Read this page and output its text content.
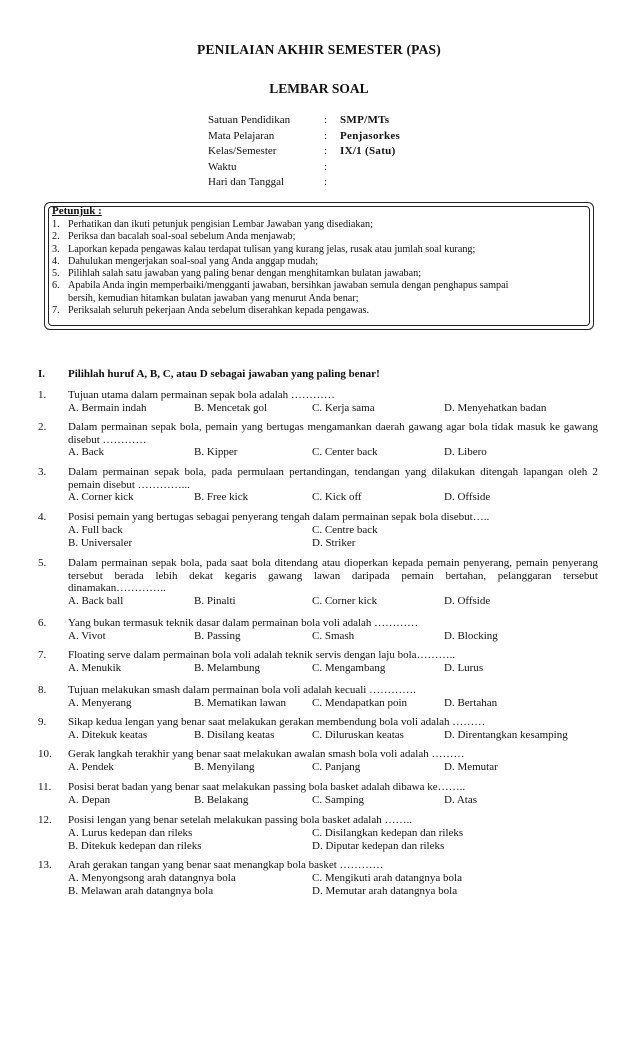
PENILAIAN AKHIR SEMESTER (PAS)
LEMBAR SOAL
Satuan Pendidikan	: SMP/MTs
Mata Pelajaran	: Penjasorkes
Kelas/Semester	: IX/1 (Satu)
Waktu	:
Hari dan Tanggal	:
Petunjuk :
1. Perhatikan dan ikuti petunjuk pengisian Lembar Jawaban yang disediakan;
2. Periksa dan bacalah soal-soal sebelum Anda menjawab;
3. Laporkan kepada pengawas kalau terdapat tulisan yang kurang jelas, rusak atau jumlah soal kurang;
4. Dahulukan mengerjakan soal-soal yang Anda anggap mudah;
5. Pilihlah salah satu jawaban yang paling benar dengan menghitamkan bulatan jawaban;
6. Apabila Anda ingin memperbaiki/mengganti jawaban, bersihkan jawaban semula dengan penghapus sampai
bersih, kemudian hitamkan bulatan jawaban yang menurut Anda benar;
7. Periksalah seluruh pekerjaan Anda sebelum diserahkan kepada pengawas.
I. Pilihlah huruf A, B, C, atau D sebagai jawaban yang paling benar!
1.	Tujuan utama dalam permainan sepak bola adalah …………
A. Bermain indah	B. Mencetak gol	C. Kerja sama	D. Menyehatkan badan
2.	Dalam permainan sepak bola, pemain yang bertugas mengamankan daerah gawang agar bola tidak masuk ke gawang disebut …………
A. Back	B. Kipper	C. Center back	D. Libero
3.	Dalam permainan sepak bola, pada permulaan pertandingan, tendangan yang dilakukan ditengah lapangan oleh 2 pemain disebut …………...
A. Corner kick	B. Free kick	C. Kick off	D. Offside
4.	Posisi pemain yang bertugas sebagai penyerang tengah dalam permainan sepak bola disebut…..
A. Full back	C. Centre back
B. Universaler	D. Striker
5.	Dalam permainan sepak bola, pada saat bola ditendang atau dioperkan kepada pemain penyerang, pemain penyerang tersebut berada lebih dekat kegaris gawang lawan daripada pemain bertahan, pelanggaran tersebut dinamakan…………..
A. Back ball	B. Pinalti	C. Corner kick	D. Offside
6.	Yang bukan termasuk teknik dasar dalam permainan bola voli adalah …………
A. Vivot	B. Passing	C. Smash	D. Blocking
7.	Floating serve dalam permainan bola voli adalah teknik servis dengan laju bola………..
A. Menukik	B. Melambung	C. Mengambang	D. Lurus
8.	Tujuan melakukan smash dalam permainan bola voli adalah kecuali ………….
A. Menyerang	B. Mematikan lawan C. Mendapatkan poin	D. Bertahan
9.	Sikap kedua lengan yang benar saat melakukan gerakan membendung bola voli adalah ………
A. Ditekuk keatas	B. Disilang keatas	C. Diluruskan keatas	D. Direntangkan kesamping
10.	Gerak langkah terakhir yang benar saat melakukan awalan smash bola voli adalah ………
A. Pendek	B. Menyilang	C. Panjang	D. Memutar
11.	Posisi berat badan yang benar saat melakukan passing bola basket adalah dibawa ke……..
A. Depan	B. Belakang	C. Samping	D. Atas
12.	Posisi lengan yang benar setelah melakukan passing bola basket adalah ……..
A. Lurus kedepan dan rileks	C. Disilangkan kedepan dan rileks
B. Ditekuk kedepan dan rileks	D. Diputar kedepan dan rileks
13.	Arah gerakan tangan yang benar saat menangkap bola basket …………
A. Menyongsong arah datangnya bola	C. Mengikuti arah datangnya bola
B. Melawan arah datangnya bola	D. Memutar arah datangnya bola
